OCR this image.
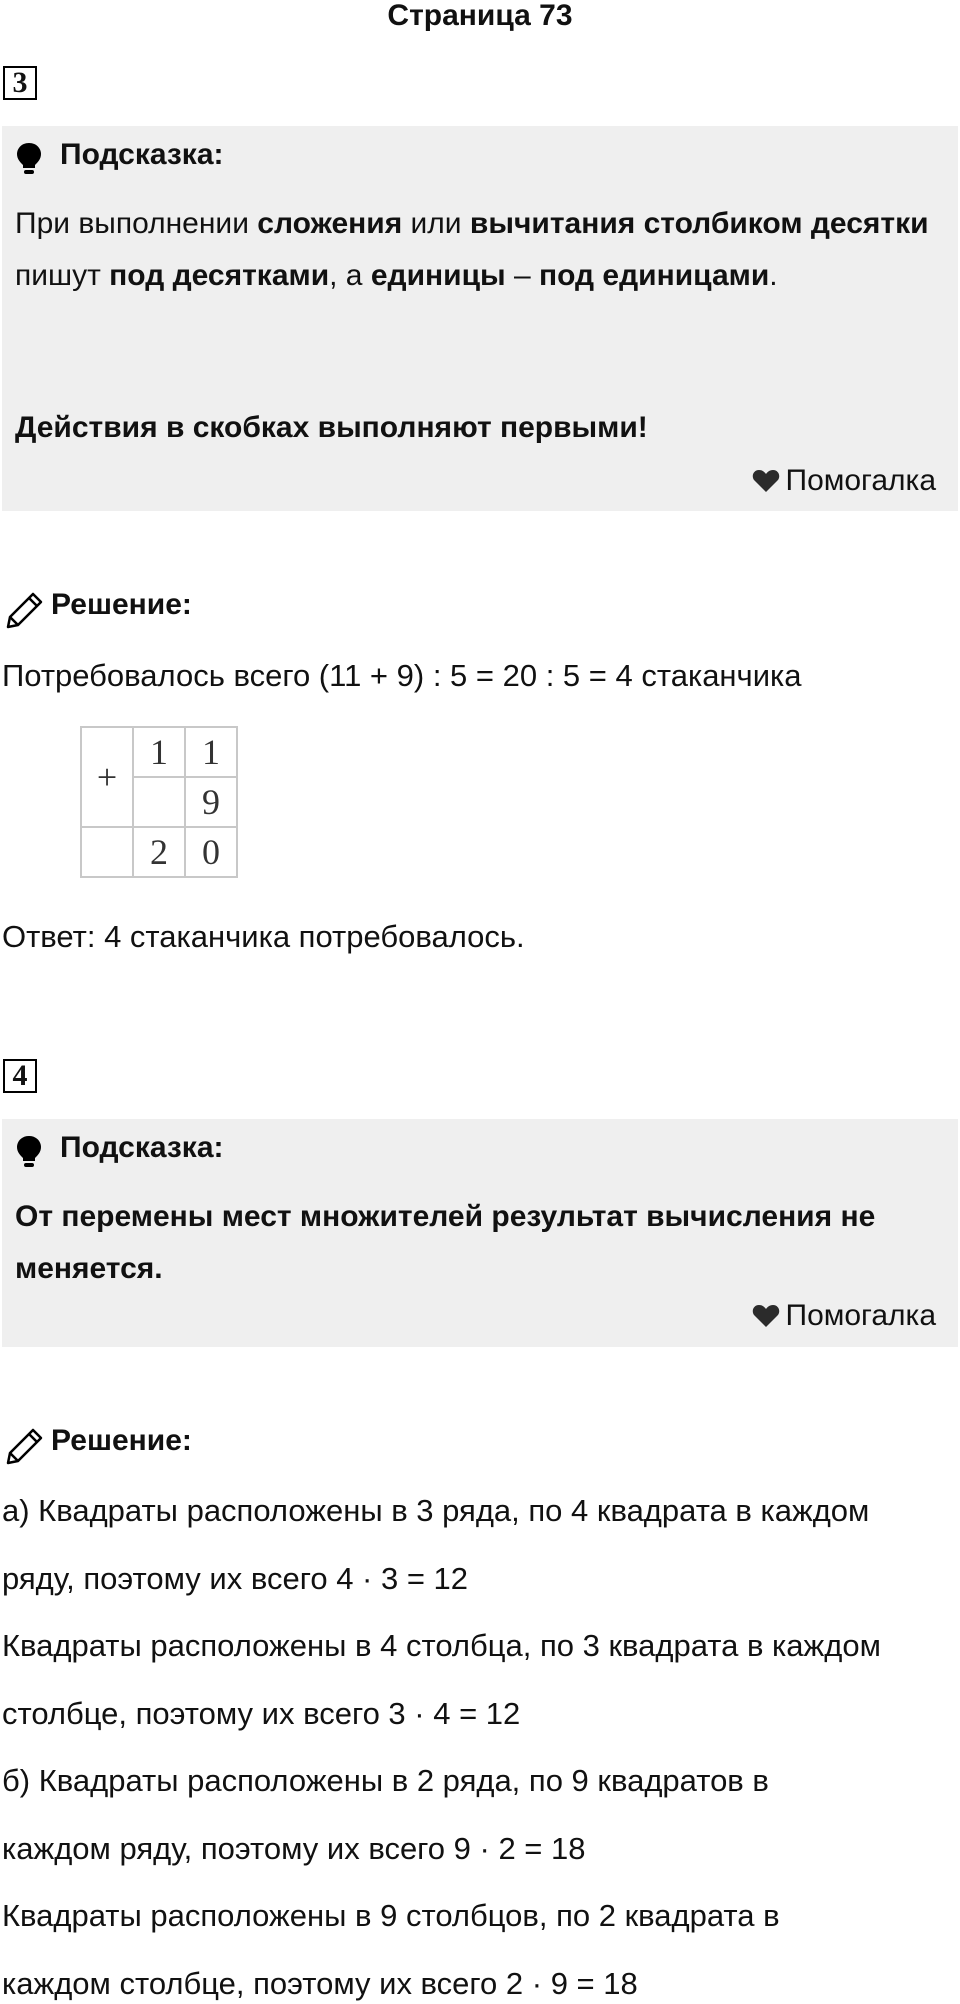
Страница 73
3
Подсказка:
При выполнении сложения или вычитания столбиком десятки пишут под десятками, а единицы – под единицами.
Действия в скобках выполняют первыми!
Помогалка
Решение:
Потребовалось всего (11 + 9) : 5 = 20 : 5 = 4 стаканчика
+	1	1
		9
	2	0
Ответ: 4 стаканчика потребовалось.
4
Подсказка:
От перемены мест множителей результат вычисления не меняется.
Помогалка
Решение:
а) Квадраты расположены в 3 ряда, по 4 квадрата в каждом
ряду, поэтому их всего 4 · 3 = 12
Квадраты расположены в 4 столбца, по 3 квадрата в каждом
столбце, поэтому их всего 3 · 4 = 12
б) Квадраты расположены в 2 ряда, по 9 квадратов в
каждом ряду, поэтому их всего 9 · 2 = 18
Квадраты расположены в 9 столбцов, по 2 квадрата в
каждом столбце, поэтому их всего 2 · 9 = 18
